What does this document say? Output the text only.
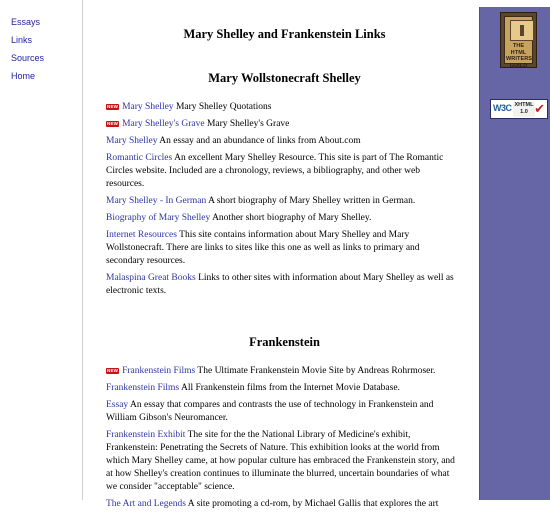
Essays
Links
Sources
Home
Mary Shelley and Frankenstein Links
Mary Wollstonecraft Shelley
NEW Mary Shelley Mary Shelley Quotations
NEW Mary Shelley's Grave Mary Shelley's Grave
Mary Shelley An essay and an abundance of links from About.com
Romantic Circles An excellent Mary Shelley Resource. This site is part of The Romantic Circles website. Included are a chronology, reviews, a bibliography, and other web resources.
Mary Shelley - In German A short biography of Mary Shelley written in German.
Biography of Mary Shelley Another short biography of Mary Shelley.
Internet Resources This site contains information about Mary Shelley and Mary Wollstonecraft. There are links to sites like this one as well as links to primary and secondary resources.
Malaspina Great Books Links to other sites with information about Mary Shelley as well as electronic texts.
Frankenstein
NEW Frankenstein Films The Ultimate Frankenstein Movie Site by Andreas Rohrmoser.
Frankenstein Films All Frankenstein films from the Internet Movie Database.
Essay An essay that compares and contrasts the use of technology in Frankenstein and William Gibson's Neuromancer.
Frankenstein Exhibit The site for the the National Library of Medicine's exhibit, Frankenstein: Penetrating the Secrets of Nature. This exhibition looks at the world from which Mary Shelley came, at how popular culture has embraced the Frankenstein story, and at how Shelley's creation continues to illuminate the blurred, uncertain boundaries of what we consider "acceptable" science.
The Art and Legends A site promoting a cd-rom, by Michael Gallis that explores the art
THE HTML WRITERS GUILD
W3C XHTML 1.0 ✔
